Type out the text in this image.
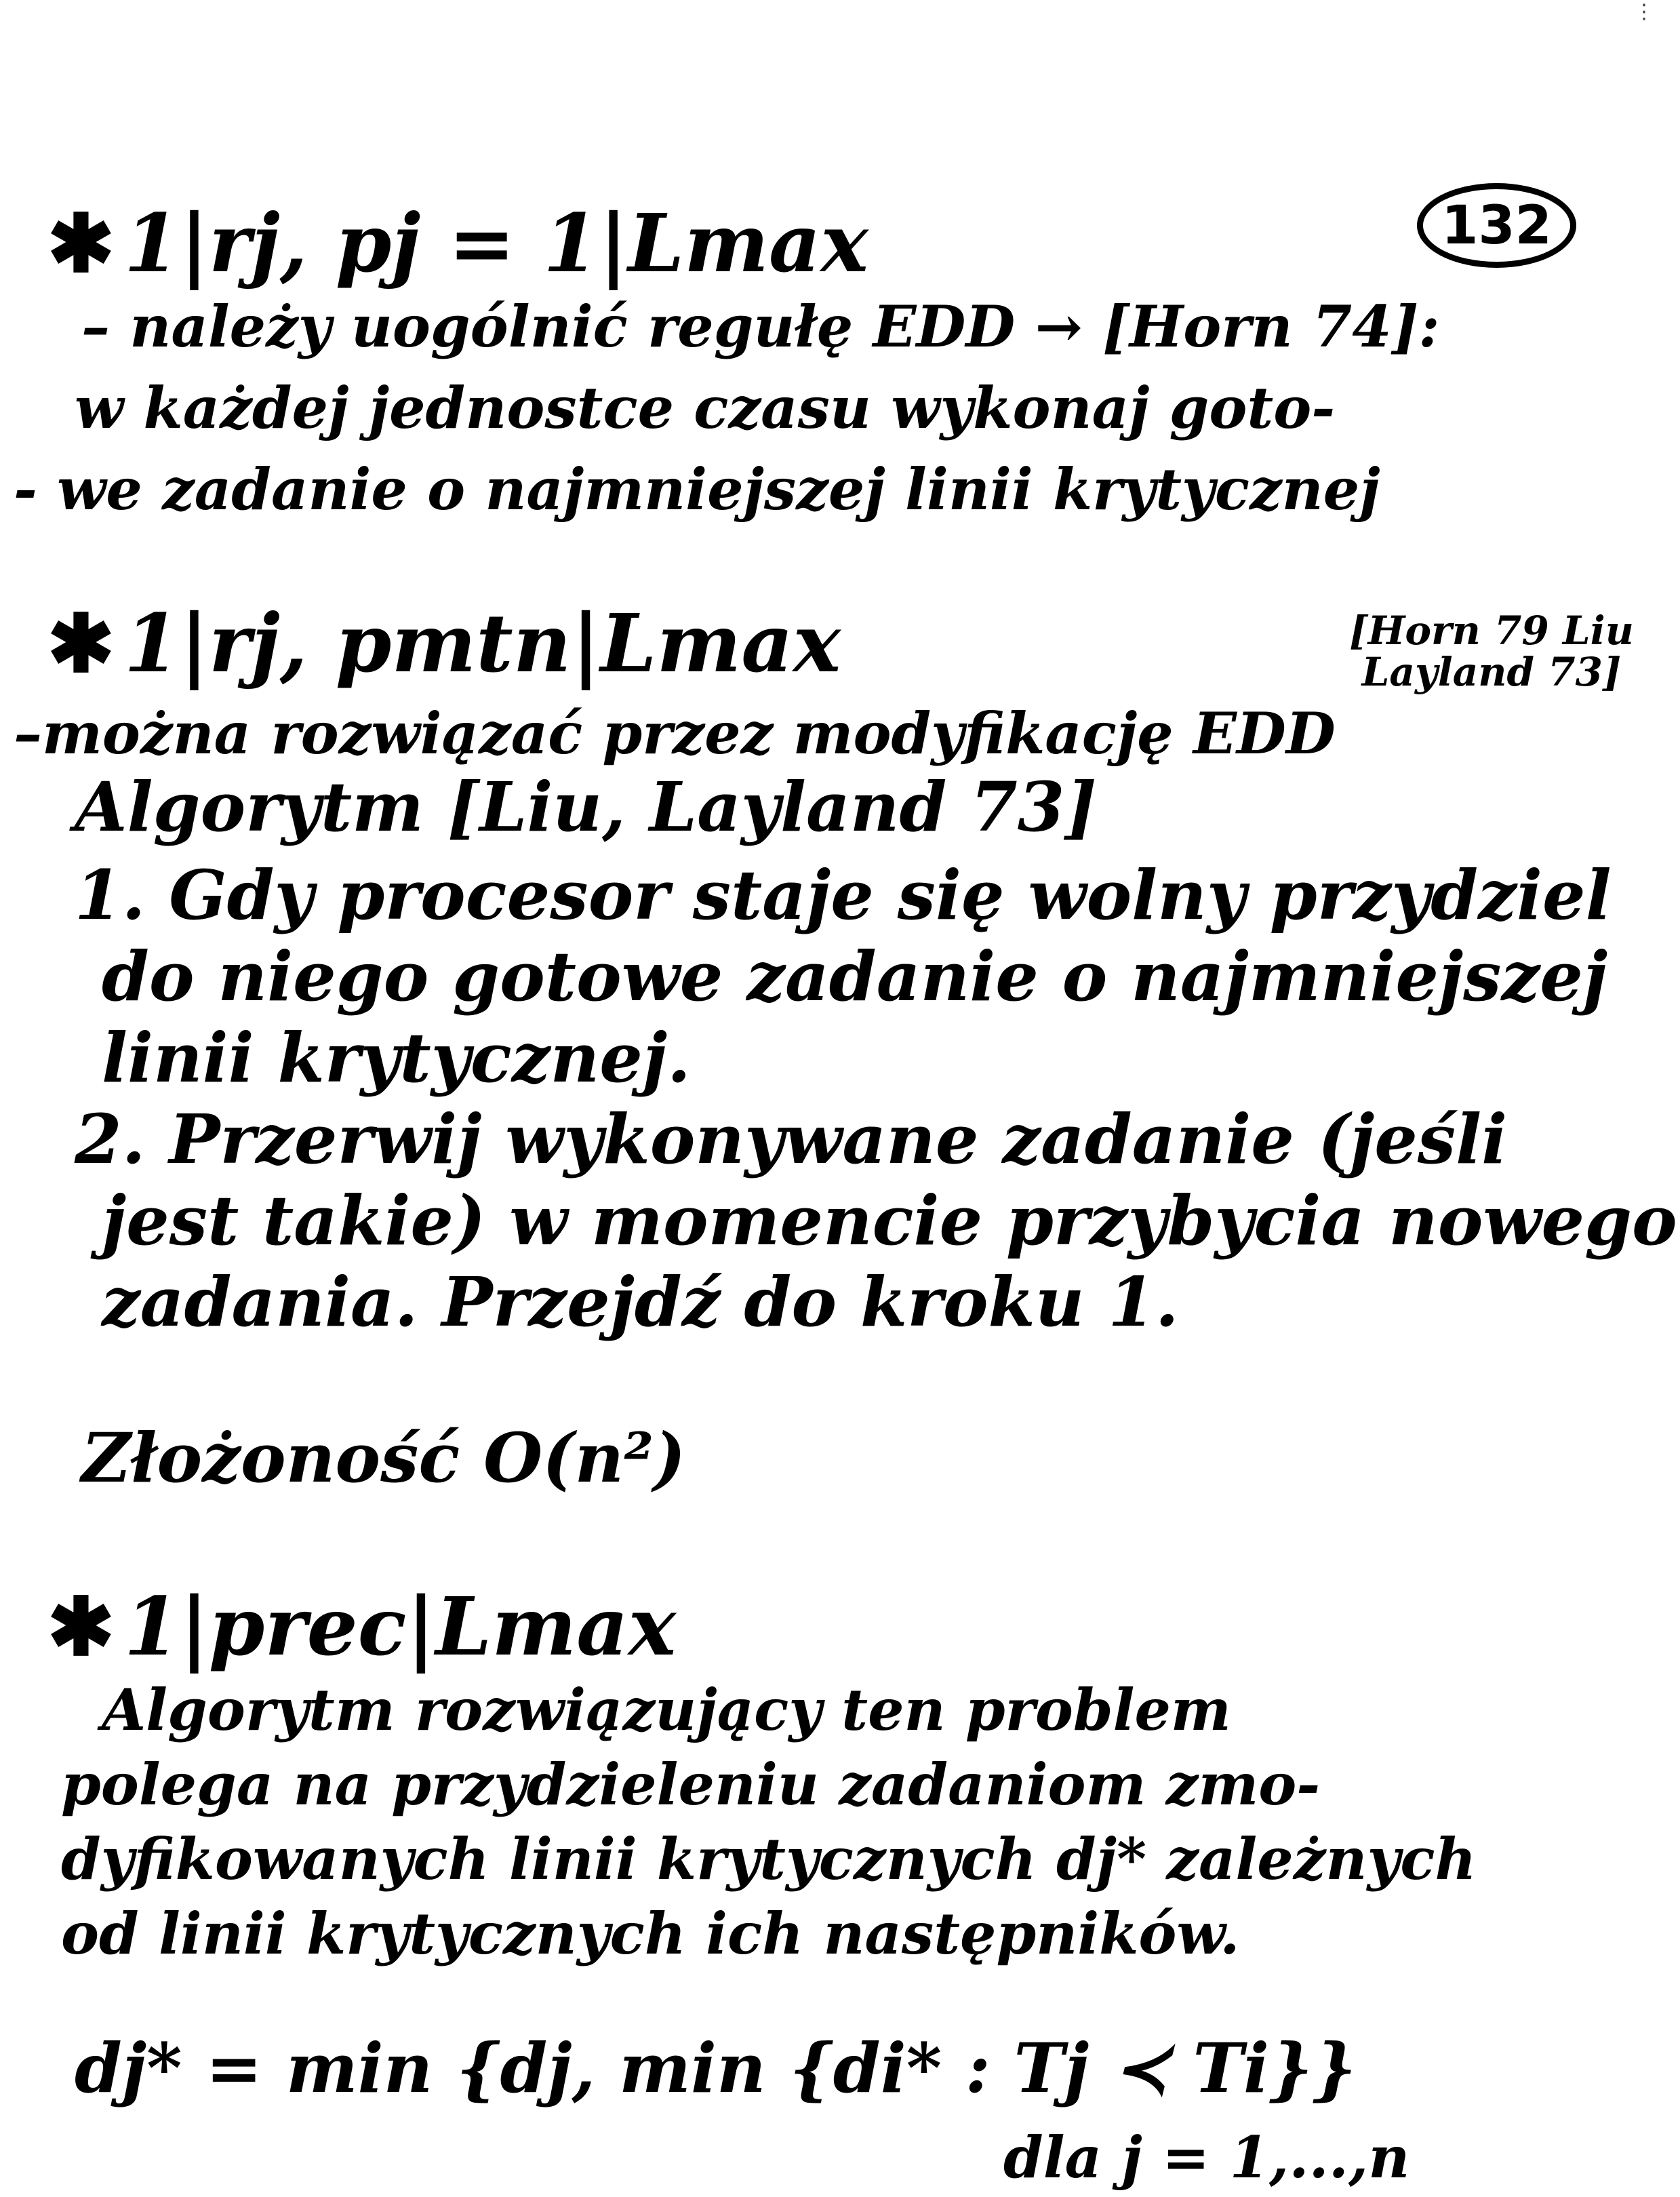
⋮
✱ 1|rj, pj = 1|Lmax	132
– należy uogólnić regułę EDD → [Horn 74]:
w każdej jednostce czasu wykonaj goto-
- we zadanie o najmniejszej linii krytycznej
✱ 1|rj, pmtn|Lmax	[Horn 79 Liu Layland 73]
–można rozwiązać przez modyfikację EDD
Algorytm [Liu, Layland 73]
1. Gdy procesor staje się wolny przydziel
do niego gotowe zadanie o najmniejszej
linii krytycznej.
2. Przerwij wykonywane zadanie (jeśli
jest takie) w momencie przybycia nowego
zadania. Przejdź do kroku 1.
Złożoność O(n²)
✱ 1|prec|Lmax
Algorytm rozwiązujący ten problem
polega na przydzieleniu zadaniom zmo-
dyfikowanych linii krytycznych dj* zależnych
od linii krytycznych ich następników.
dj* = min {dj, min {di* : Tj ≺ Ti}}
dla j = 1,...,n
